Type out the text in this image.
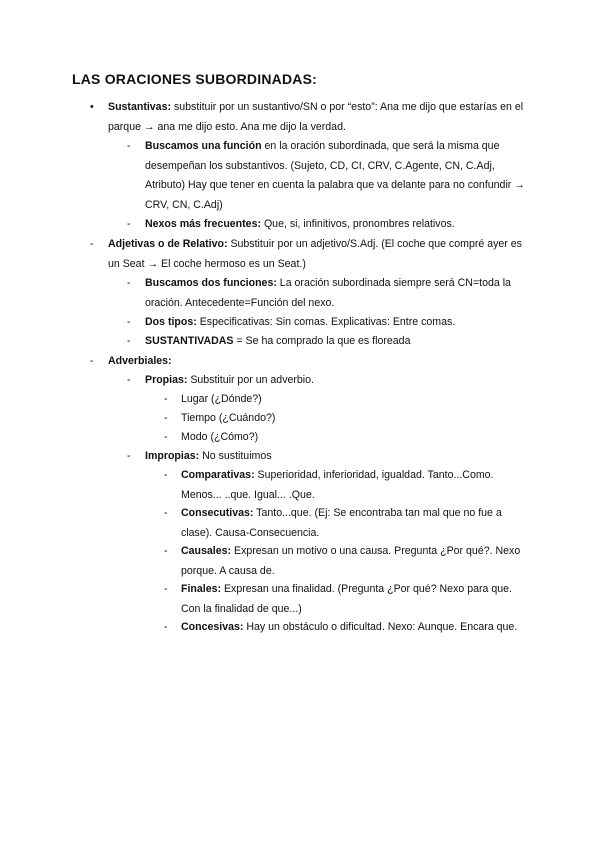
LAS ORACIONES SUBORDINADAS:
• Sustantivas: substituir por un sustantivo/SN o por “esto”: Ana me dijo que estarías en el parque → ana me dijo esto. Ana me dijo la verdad.
- Buscamos una función en la oración subordinada, que será la misma que desempeñan los substantivos. (Sujeto, CD, CI, CRV, C.Agente, CN, C.Adj, Atributo) Hay que tener en cuenta la palabra que va delante para no confundir → CRV, CN, C.Adj)
- Nexos más frecuentes: Que, si, infinitivos, pronombres relativos.
- Adjetivas o de Relativo: Substituir por un adjetivo/S.Adj. (El coche que compré ayer es un Seat → El coche hermoso es un Seat.)
- Buscamos dos funciones: La oración subordinada siempre será CN=toda la oración. Antecedente=Función del nexo.
- Dos tipos: Especificativas: Sin comas. Explicativas: Entre comas.
- SUSTANTIVADAS = Se ha comprado la que es floreada
- Adverbiales:
- Propias: Substituir por un adverbio.
- Lugar (¿Dónde?)
- Tiempo (¿Cuándo?)
- Modo (¿Cómo?)
- Impropias: No sustituimos
- Comparativas: Superioridad, inferioridad, igualdad. Tanto...Como. Menos... ..que. Igual... .Que.
- Consecutivas: Tanto...que. (Ej: Se encontraba tan mal que no fue a clase). Causa-Consecuencia.
- Causales: Expresan un motivo o una causa. Pregunta ¿Por qué?. Nexo porque. A causa de.
- Finales: Expresan una finalidad. (Pregunta ¿Por qué? Nexo para que. Con la finalidad de que...)
- Concesivas: Hay un obstáculo o dificultad. Nexo: Aunque. Encara que.
